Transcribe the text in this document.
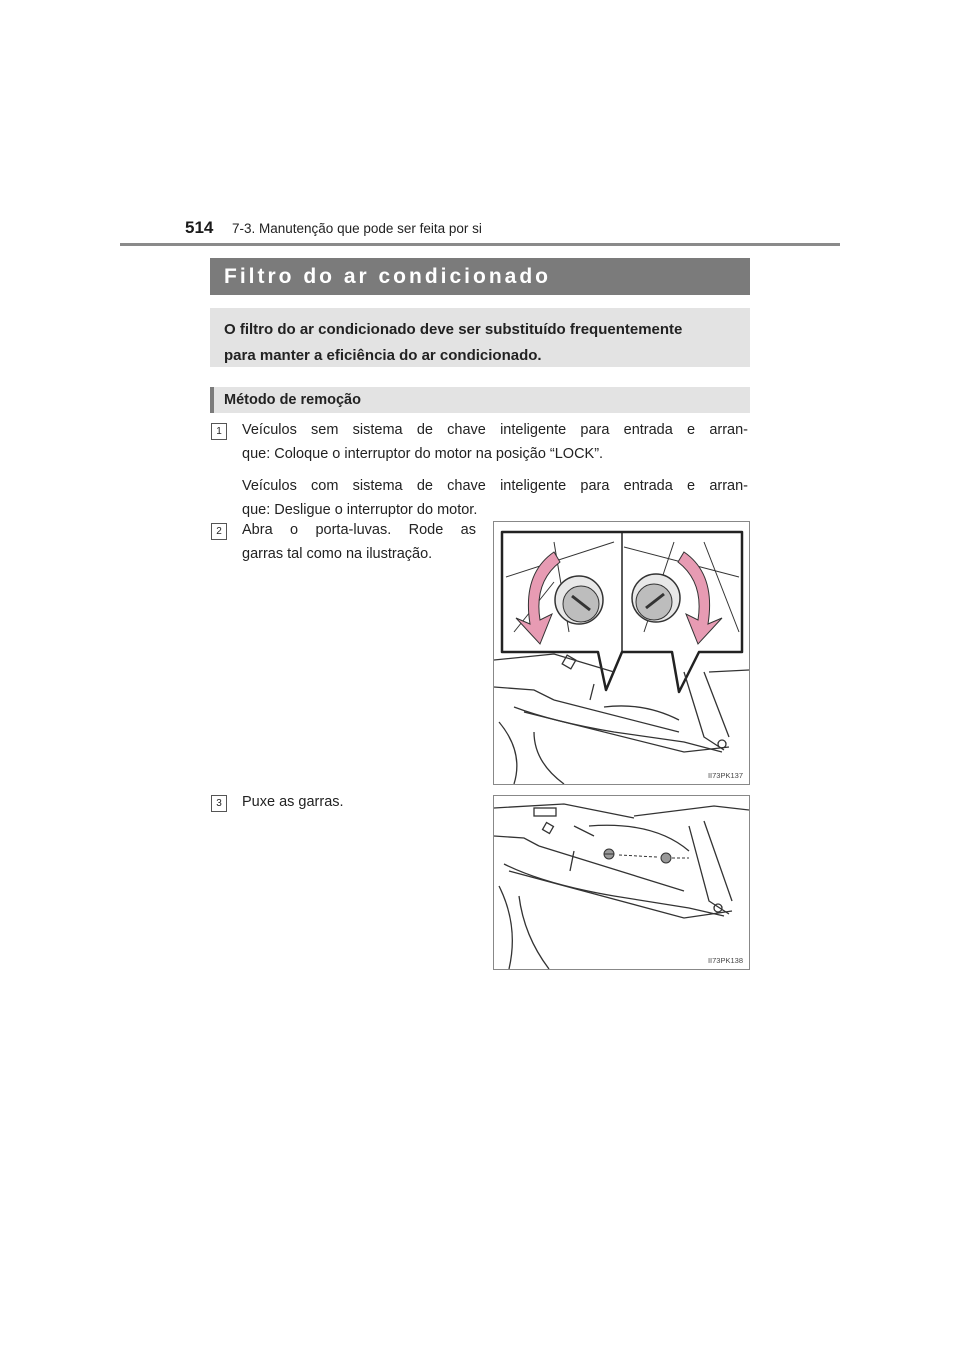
514 7-3. Manutenção que pode ser feita por si
Filtro do ar condicionado
O filtro do ar condicionado deve ser substituído frequentemente
para manter a eficiência do ar condicionado.
Método de remoção
1	Veículos sem sistema de chave inteligente para entrada e arran-
que: Coloque o interruptor do motor na posição “LOCK”.
Veículos com sistema de chave inteligente para entrada e arran-
que: Desligue o interruptor do motor.
2	Abra o porta-luvas. Rode as
garras tal como na ilustração.
II73PK137
3	Puxe as garras.
II73PK138
